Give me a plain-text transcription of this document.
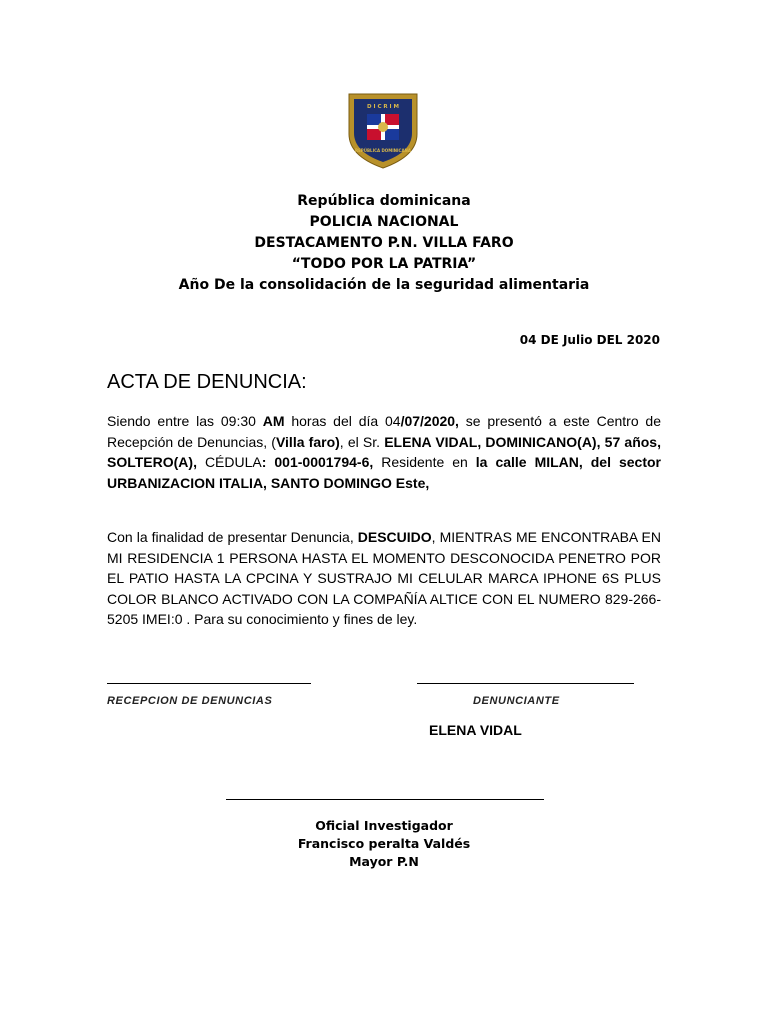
D I C R I M
REPÚBLICA DOMINICANA
República dominicana
POLICIA NACIONAL
DESTACAMENTO P.N. VILLA FARO
“TODO POR LA PATRIA”
Año De la consolidación de la seguridad alimentaria
04 DE Julio DEL 2020
ACTA DE DENUNCIA:
Siendo entre las 09:30 AM horas del día 04/07/2020, se presentó a este Centro de Recepción de Denuncias, (Villa faro), el Sr. ELENA VIDAL, DOMINICANO(A), 57 años, SOLTERO(A), CÉDULA: 001-0001794-6, Residente en la calle MILAN, del sector URBANIZACION ITALIA, SANTO DOMINGO Este,
Con la finalidad de presentar Denuncia, DESCUIDO, MIENTRAS ME ENCONTRABA EN MI RESIDENCIA 1 PERSONA HASTA EL MOMENTO DESCONOCIDA PENETRO POR EL PATIO HASTA LA CPCINA Y SUSTRAJO MI CELULAR MARCA IPHONE 6S PLUS COLOR BLANCO ACTIVADO CON LA COMPAÑÍA ALTICE CON EL NUMERO 829-266-5205 IMEI:0 . Para su conocimiento y fines de ley.
RECEPCION DE DENUNCIAS	DENUNCIANTE
ELENA VIDAL
Oficial Investigador
Francisco peralta Valdés
Mayor P.N
